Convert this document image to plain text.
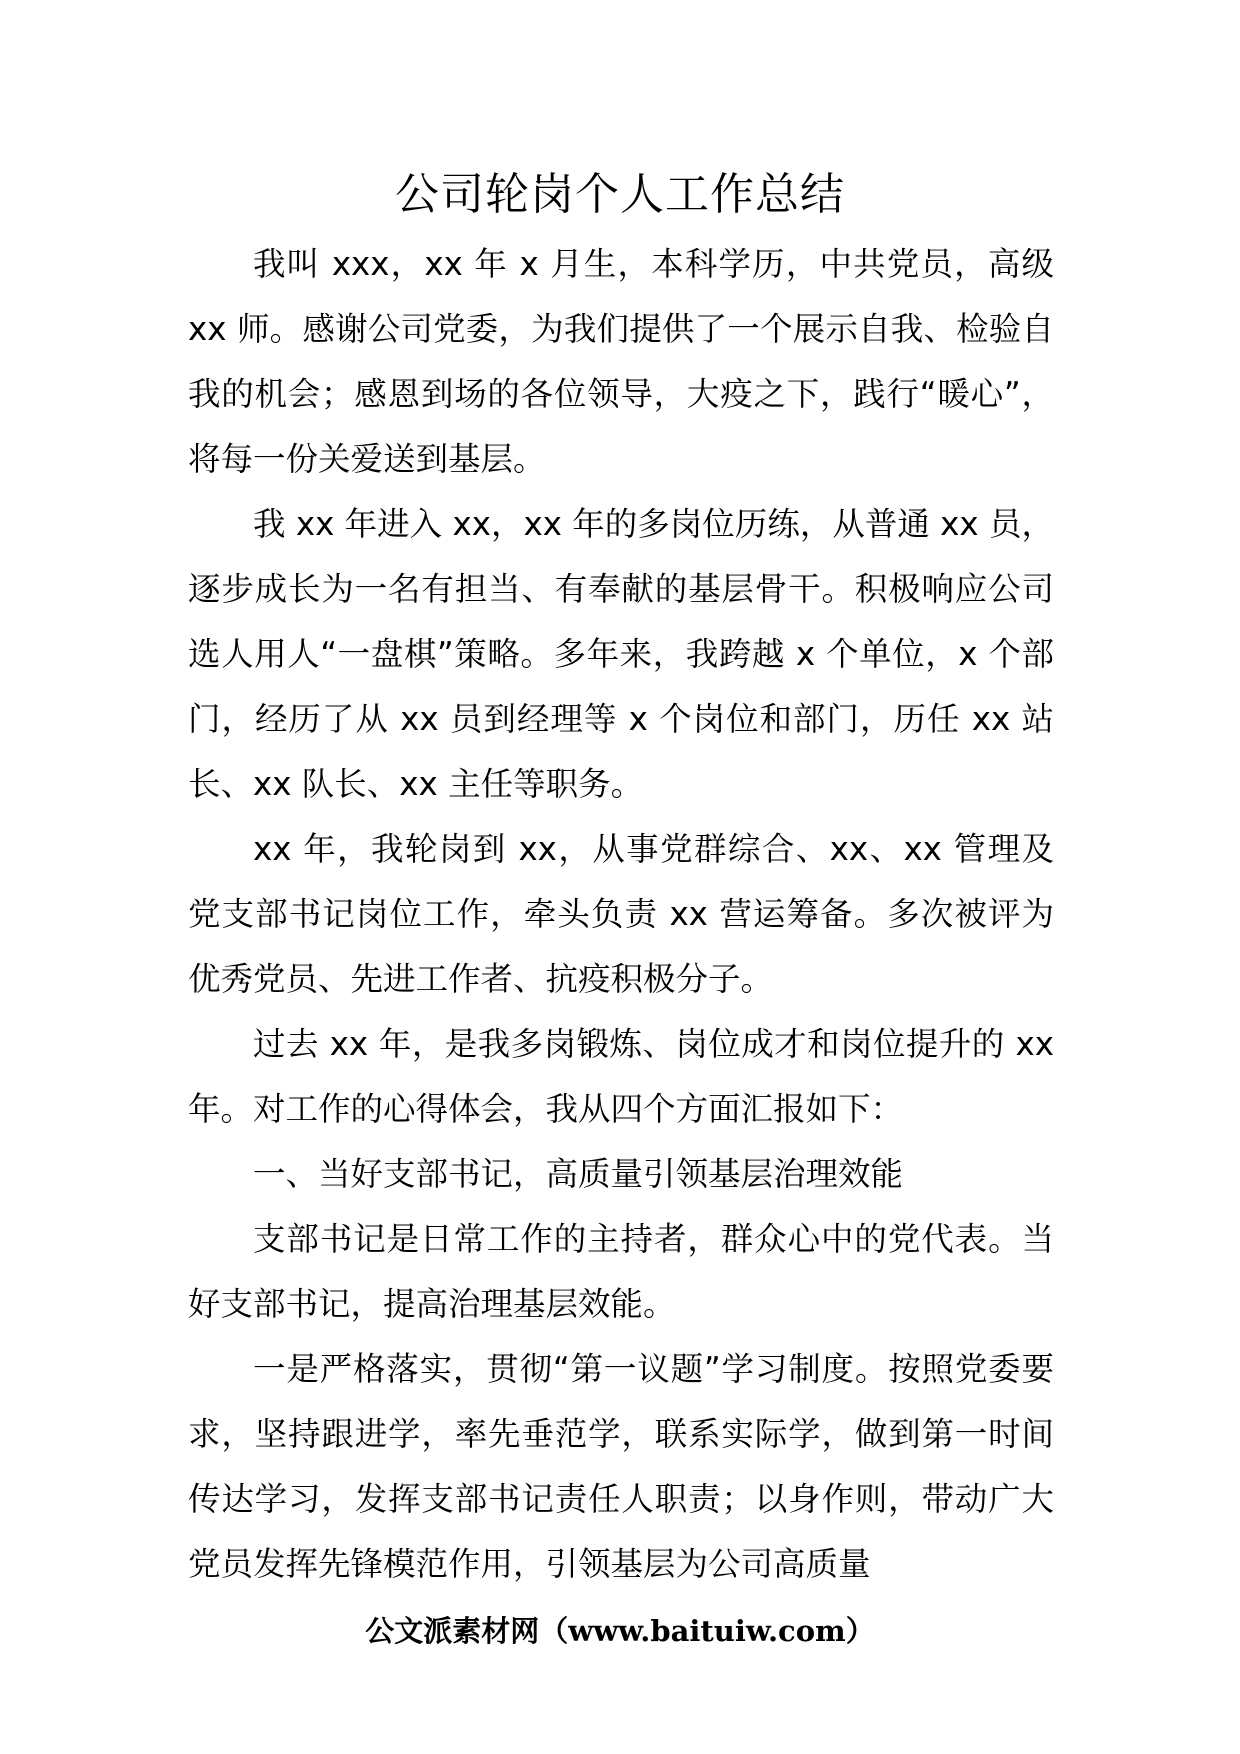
公司轮岗个人工作总结

我叫 xxx，xx 年 x 月生，本科学历，中共党员，高级 xx 师。感谢公司党委，为我们提供了一个展示自我、检验自我的机会；感恩到场的各位领导，大疫之下，践行“暖心”，将每一份关爱送到基层。

我 xx 年进入 xx，xx 年的多岗位历练，从普通 xx 员，逐步成长为一名有担当、有奉献的基层骨干。积极响应公司选人用人“一盘棋”策略。多年来，我跨越 x 个单位，x 个部门，经历了从 xx 员到经理等 x 个岗位和部门，历任 xx 站长、xx 队长、xx 主任等职务。

xx 年，我轮岗到 xx，从事党群综合、xx、xx 管理及党支部书记岗位工作，牵头负责 xx 营运筹备。多次被评为优秀党员、先进工作者、抗疫积极分子。

过去 xx 年，是我多岗锻炼、岗位成才和岗位提升的 xx 年。对工作的心得体会，我从四个方面汇报如下：

一、当好支部书记，高质量引领基层治理效能

支部书记是日常工作的主持者，群众心中的党代表。当好支部书记，提高治理基层效能。

一是严格落实，贯彻“第一议题”学习制度。按照党委要求，坚持跟进学，率先垂范学，联系实际学，做到第一时间传达学习，发挥支部书记责任人职责；以身作则，带动广大党员发挥先锋模范作用，引领基层为公司高质量

公文派素材网（www.baituiw.com）
